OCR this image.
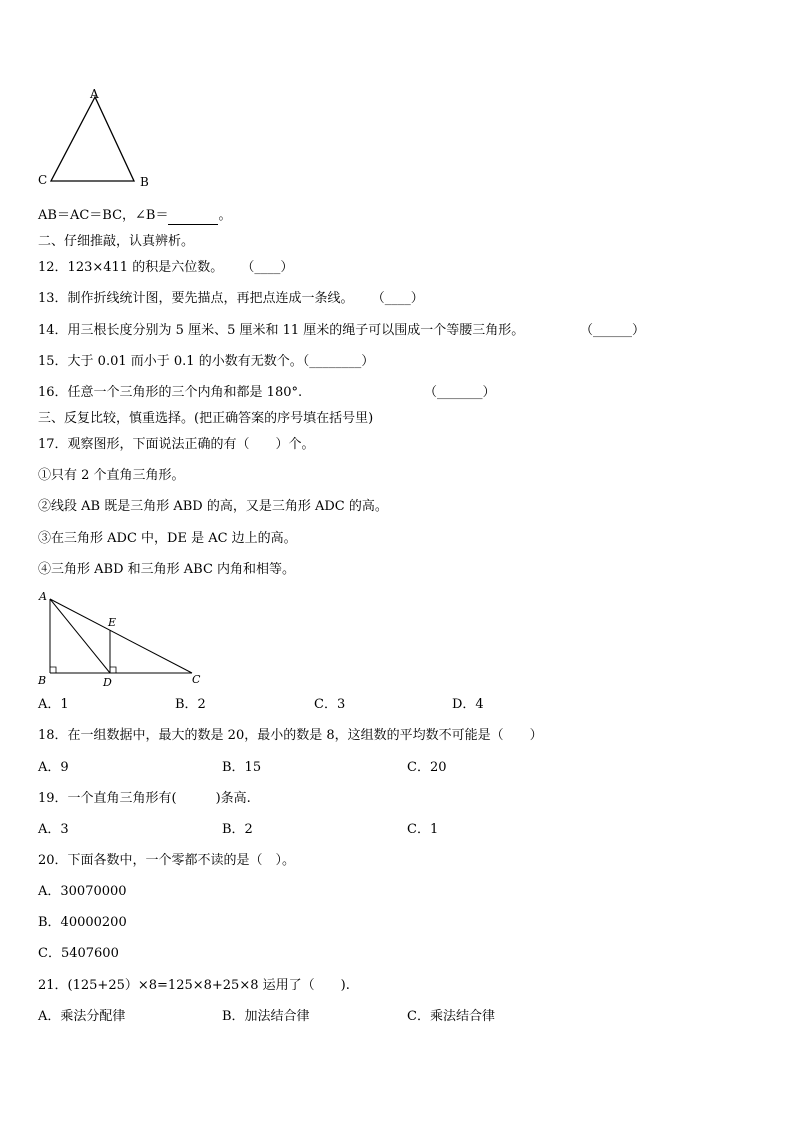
A
B
C
AB＝AC＝BC，∠B＝	。
二、仔细推敲，认真辨析。
12．123×411 的积是六位数。 （____）
13．制作折线统计图，要先描点，再把点连成一条线。 （____）
14．用三根长度分别为 5 厘米、5 厘米和 11 厘米的绳子可以围成一个等腰三角形。	（______）
15．大于 0.01 而小于 0.1 的小数有无数个。（________）
16．任意一个三角形的三个内角和都是 180°.	（_______）
三、反复比较，慎重选择。(把正确答案的序号填在括号里)
17．观察图形，下面说法正确的有（　　）个。
①只有 2 个直角三角形。
②线段 AB 既是三角形 ABD 的高，又是三角形 ADC 的高。
③在三角形 ADC 中，DE 是 AC 边上的高。
④三角形 ABD 和三角形 ABC 内角和相等。
A
E
B	D	C
A．1	B．2	C．3	D．4
18．在一组数据中，最大的数是 20，最小的数是 8，这组数的平均数不可能是（　　）
A．9	B．15	C．20
19．一个直角三角形有(　　　)条高.
A．3	B．2	C．1
20．下面各数中，一个零都不读的是（　）。
A．30070000
B．40000200
C．5407600
21．(125+25）×8=125×8+25×8 运用了（　　).
A．乘法分配律	B．加法结合律	C．乘法结合律
